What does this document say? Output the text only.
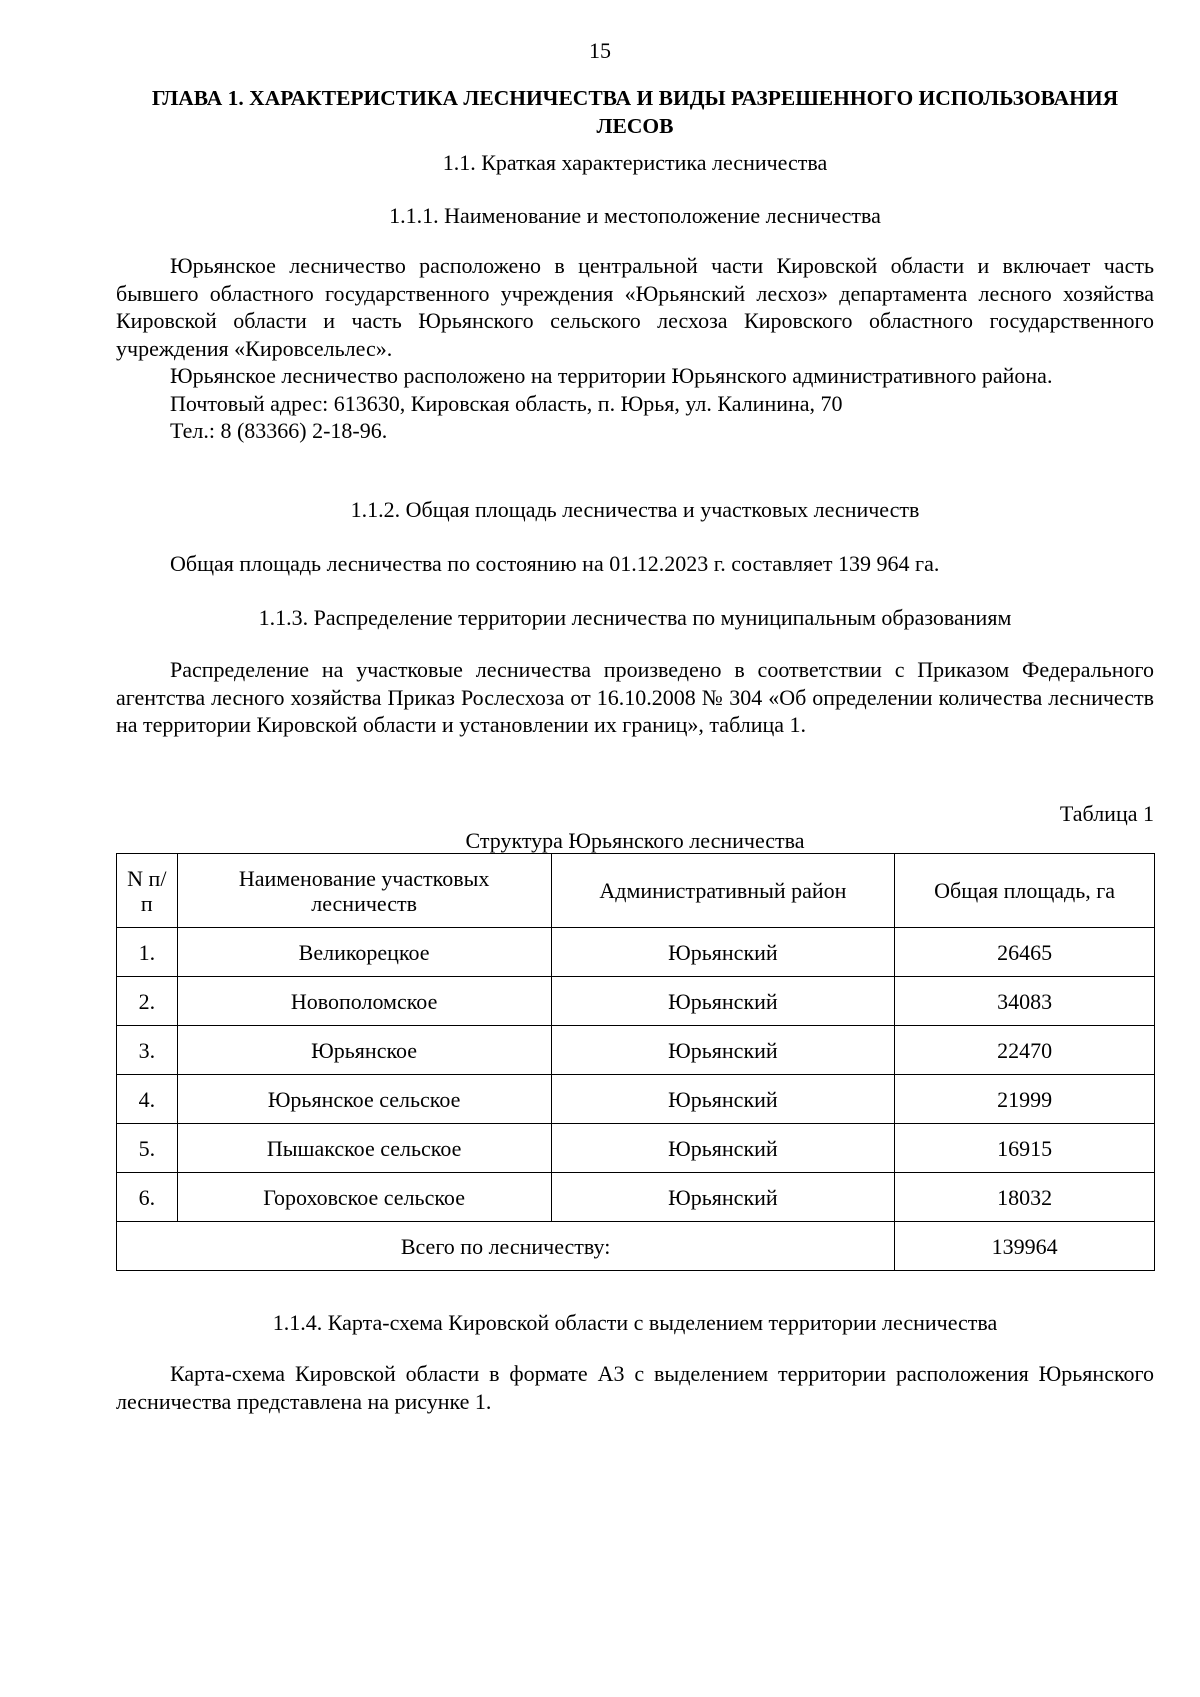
15
ГЛАВА 1. ХАРАКТЕРИСТИКА ЛЕСНИЧЕСТВА И ВИДЫ РАЗРЕШЕННОГО ИСПОЛЬЗОВАНИЯ ЛЕСОВ
1.1. Краткая характеристика лесничества
1.1.1. Наименование и местоположение лесничества
Юрьянское лесничество расположено в центральной части Кировской области и включает часть бывшего областного государственного учреждения «Юрьянский лесхоз» департамента лесного хозяйства Кировской области и часть Юрьянского сельского лесхоза Кировского областного государственного учреждения «Кировсельлес».
Юрьянское лесничество расположено на территории Юрьянского административного района.
Почтовый адрес: 613630, Кировская область, п. Юрья, ул. Калинина, 70
Тел.: 8 (83366) 2-18-96.
1.1.2. Общая площадь лесничества и участковых лесничеств
Общая площадь лесничества по состоянию на 01.12.2023 г. составляет 139 964 га.
1.1.3. Распределение территории лесничества по муниципальным образованиям
Распределение на участковые лесничества произведено в соответствии с Приказом Федерального агентства лесного хозяйства Приказ Рослесхоза от 16.10.2008 № 304 «Об определении количества лесничеств на территории Кировской области и установлении их границ», таблица 1.
Таблица 1
Структура Юрьянского лесничества
N п/п	Наименование участковых лесничеств	Административный район	Общая площадь, га
1.	Великорецкое	Юрьянский	26465
2.	Новополомское	Юрьянский	34083
3.	Юрьянское	Юрьянский	22470
4.	Юрьянское сельское	Юрьянский	21999
5.	Пышакское сельское	Юрьянский	16915
6.	Гороховское сельское	Юрьянский	18032
Всего по лесничеству:			139964
1.1.4. Карта-схема Кировской области с выделением территории лесничества
Карта-схема Кировской области в формате А3 с выделением территории расположения Юрьянского лесничества представлена на рисунке 1.
